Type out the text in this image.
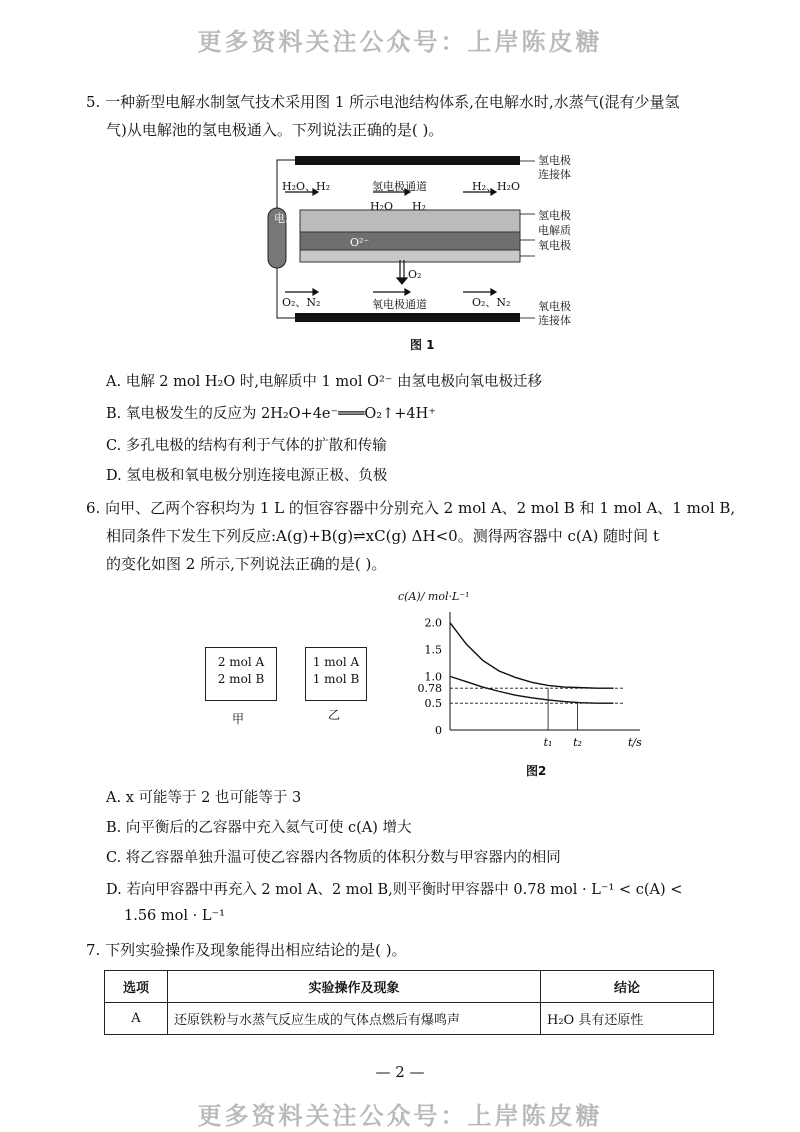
更多资料关注公众号：上岸陈皮糖
5. 一种新型电解水制氢气技术采用图 1 所示电池结构体系,在电解水时,水蒸气(混有少量氢
气)从电解池的氢电极通入。下列说法正确的是( )。
电源
H₂O、H₂	氢电极通道	H₂、H₂O
H₂O H₂
O²⁻
O₂
O₂、N₂	氧电极通道	O₂、N₂
氢电极
连接体
氢电极
电解质
氧电极
氧电极
连接体
图 1
A. 电解 2 mol H₂O 时,电解质中 1 mol O²⁻ 由氢电极向氧电极迁移
B. 氧电极发生的反应为 2H₂O+4e⁻═══O₂↑+4H⁺
C. 多孔电极的结构有利于气体的扩散和传输
D. 氢电极和氧电极分别连接电源正极、负极
6. 向甲、乙两个容积均为 1 L 的恒容容器中分别充入 2 mol A、2 mol B 和 1 mol A、1 mol B,
相同条件下发生下列反应:A(g)+B(g)⇌xC(g) ΔH<0。测得两容器中 c(A) 随时间 t
的变化如图 2 所示,下列说法正确的是( )。
2 mol A
2 mol B
1 mol A
1 mol B
甲	乙
2.0
1.5
1.0
0.78
0.5
0
t₁ t₂	t/s
c(A)/ mol·L⁻¹
图2
A. x 可能等于 2 也可能等于 3
B. 向平衡后的乙容器中充入氦气可使 c(A) 增大
C. 将乙容器单独升温可使乙容器内各物质的体积分数与甲容器内的相同
D. 若向甲容器中再充入 2 mol A、2 mol B,则平衡时甲容器中 0.78 mol · L⁻¹ < c(A) <
1.56 mol · L⁻¹
7. 下列实验操作及现象能得出相应结论的是( )。
选项	实验操作及现象	结论
A	还原铁粉与水蒸气反应生成的气体点燃后有爆鸣声	H₂O 具有还原性
— 2 —
更多资料关注公众号：上岸陈皮糖
